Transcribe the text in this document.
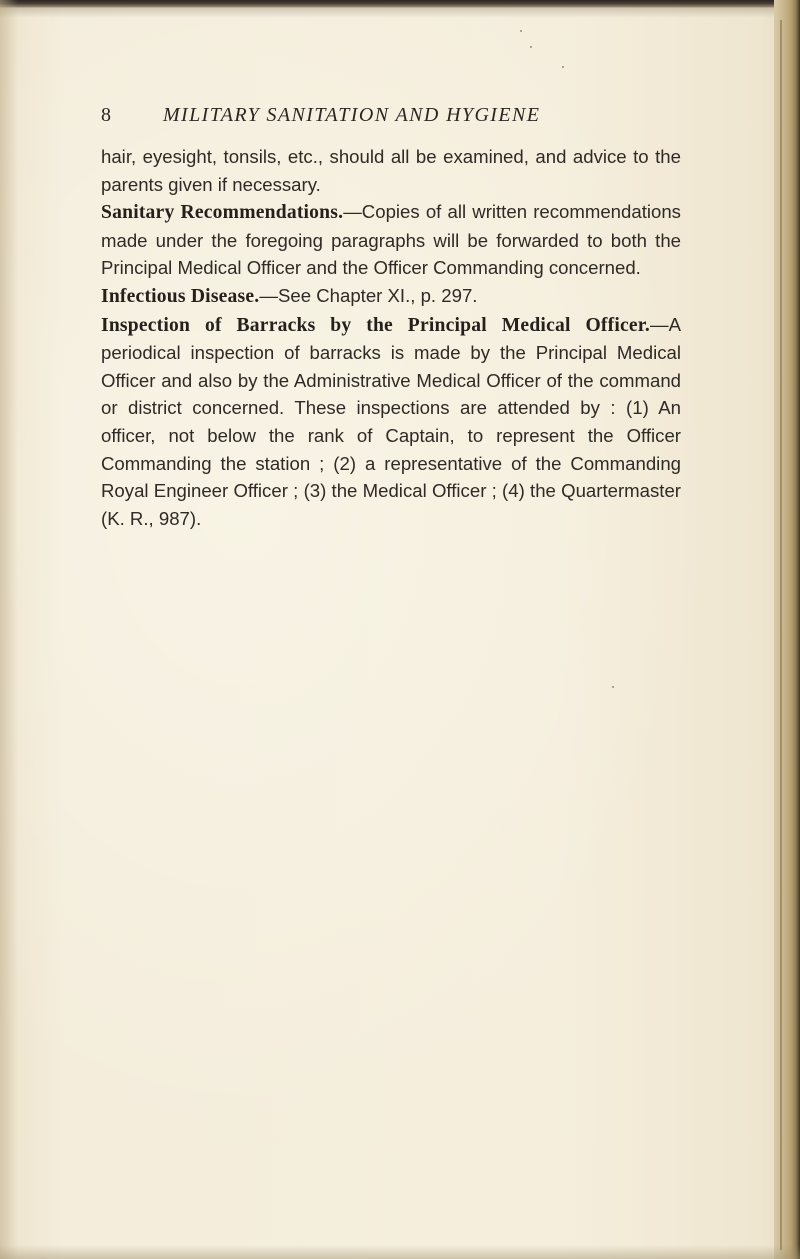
8	MILITARY SANITATION AND HYGIENE

hair, eyesight, tonsils, etc., should all be examined, and advice to the parents given if necessary.

Sanitary Recommendations.—Copies of all written recommendations made under the foregoing paragraphs will be forwarded to both the Principal Medical Officer and the Officer Commanding concerned.

Infectious Disease.—See Chapter XI., p. 297.

Inspection of Barracks by the Principal Medical Officer.—A periodical inspection of barracks is made by the Principal Medical Officer and also by the Administrative Medical Officer of the command or district concerned. These inspections are attended by : (1) An officer, not below the rank of Captain, to represent the Officer Commanding the station ; (2) a representative of the Commanding Royal Engineer Officer ; (3) the Medical Officer ; (4) the Quartermaster (K. R., 987).
